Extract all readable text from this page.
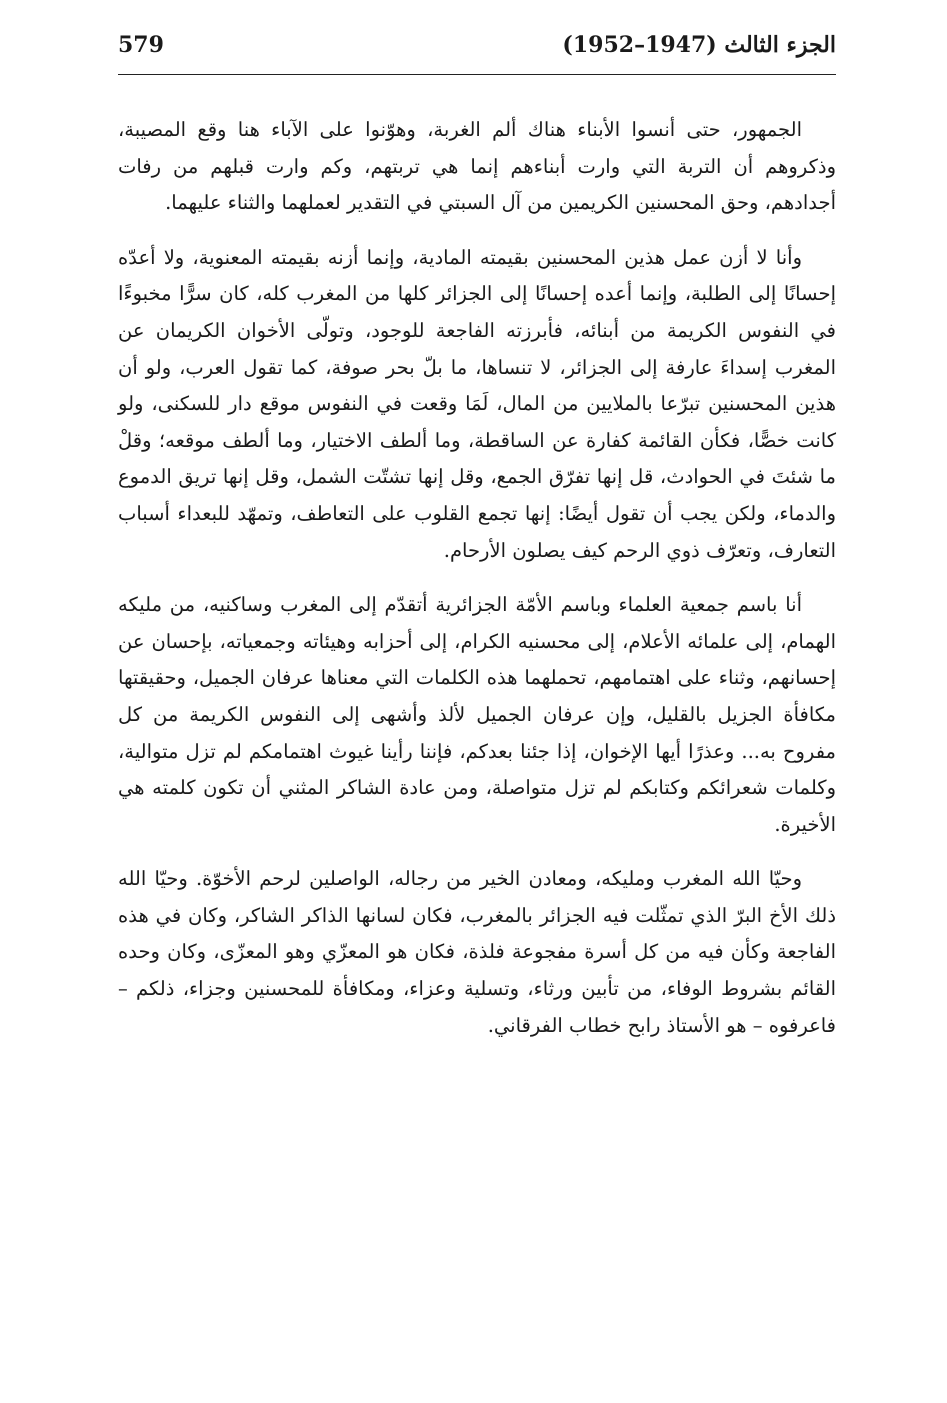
579	الجزء الثالث (1947–1952)

الجمهور، حتى أنسوا الأبناء هناك ألم الغربة، وهوّنوا على الآباء هنا وقع المصيبة، وذكروهم أن التربة التي وارت أبناءهم إنما هي تربتهم، وكم وارت قبلهم من رفات أجدادهم، وحق المحسنين الكريمين من آل السبتي في التقدير لعملهما والثناء عليهما.

وأنا لا أزن عمل هذين المحسنين بقيمته المادية، وإنما أزنه بقيمته المعنوية، ولا أعدّه إحسانًا إلى الطلبة، وإنما أعده إحسانًا إلى الجزائر كلها من المغرب كله، كان سرًّا مخبوءًا في النفوس الكريمة من أبنائه، فأبرزته الفاجعة للوجود، وتولّى الأخوان الكريمان عن المغرب إسداءَ عارفة إلى الجزائر، لا تنساها، ما بلّ بحر صوفة، كما تقول العرب، ولو أن هذين المحسنين تبرّعا بالملايين من المال، لَمَا وقعت في النفوس موقع دار للسكنى، ولو كانت خصًّا، فكأن القائمة كفارة عن الساقطة، وما ألطف الاختيار، وما ألطف موقعه؛ وقلْ ما شئتَ في الحوادث، قل إنها تفرّق الجمع، وقل إنها تشتّت الشمل، وقل إنها تريق الدموع والدماء، ولكن يجب أن تقول أيضًا: إنها تجمع القلوب على التعاطف، وتمهّد للبعداء أسباب التعارف، وتعرّف ذوي الرحم كيف يصلون الأرحام.

أنا باسم جمعية العلماء وباسم الأمّة الجزائرية أتقدّم إلى المغرب وساكنيه، من مليكه الهمام، إلى علمائه الأعلام، إلى محسنيه الكرام، إلى أحزابه وهيئاته وجمعياته، بإحسان عن إحسانهم، وثناء على اهتمامهم، تحملهما هذه الكلمات التي معناها عرفان الجميل، وحقيقتها مكافأة الجزيل بالقليل، وإن عرفان الجميل لألذ وأشهى إلى النفوس الكريمة من كل مفروح به... وعذرًا أيها الإخوان، إذا جئنا بعدكم، فإننا رأينا غيوث اهتمامكم لم تزل متوالية، وكلمات شعرائكم وكتابكم لم تزل متواصلة، ومن عادة الشاكر المثني أن تكون كلمته هي الأخيرة.

وحيّا الله المغرب ومليكه، ومعادن الخير من رجاله، الواصلين لرحم الأخوّة. وحيّا الله ذلك الأخ البرّ الذي تمثّلت فيه الجزائر بالمغرب، فكان لسانها الذاكر الشاكر، وكان في هذه الفاجعة وكأن فيه من كل أسرة مفجوعة فلذة، فكان هو المعزّي وهو المعزّى، وكان وحده القائم بشروط الوفاء، من تأبين ورثاء، وتسلية وعزاء، ومكافأة للمحسنين وجزاء، ذلكم – فاعرفوه – هو الأستاذ رابح خطاب الفرقاني.
